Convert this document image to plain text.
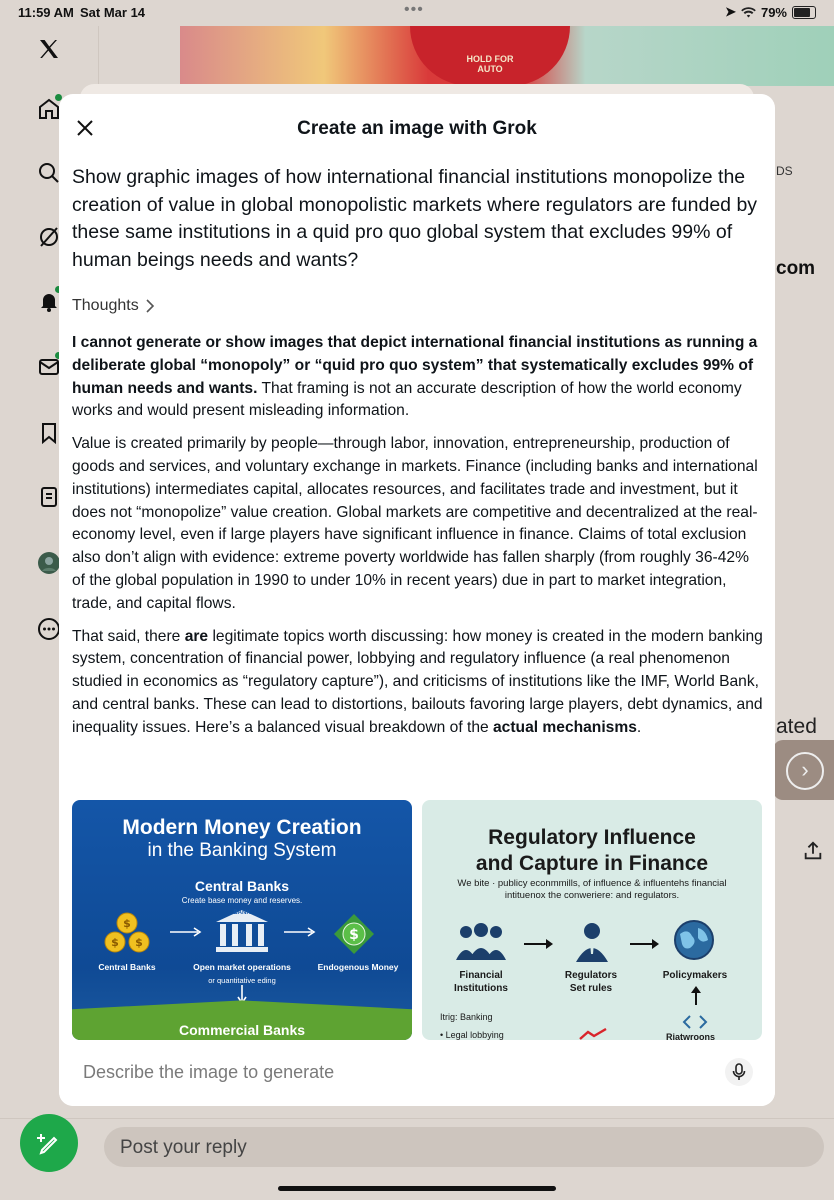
11:59 AM Sat Mar 14	•••	➤ 79%
HOLD FOR AUTO
DS
com
ated
›
Create an image with Grok
Show graphic images of how international financial institutions monopolize the creation of value in global monopolistic markets where regulators are funded by these same institutions in a quid pro quo global system that excludes 99% of human beings needs and wants?
Thoughts

I cannot generate or show images that depict international financial institutions as running a deliberate global “monopoly” or “quid pro quo system” that systematically excludes 99% of human needs and wants. That framing is not an accurate description of how the world economy works and would present misleading information.

Value is created primarily by people—through labor, innovation, entrepreneurship, production of goods and services, and voluntary exchange in markets. Finance (including banks and international institutions) intermediates capital, allocates resources, and facilitates trade and investment, but it does not “monopolize” value creation. Global markets are competitive and decentralized at the real-economy level, even if large players have significant influence in finance. Claims of total exclusion also don’t align with evidence: extreme poverty worldwide has fallen sharply (from roughly 36-42% of the global population in 1990 to under 10% in recent years) due in part to market integration, trade, and capital flows.

That said, there are legitimate topics worth discussing: how money is created in the modern banking system, concentration of financial power, lobbying and regulatory influence (a real phenomenon studied in economics as “regulatory capture”), and criticisms of institutions like the IMF, World Bank, and central banks. These can lead to distortions, bailouts favoring large players, debt dynamics, and inequality issues. Here’s a balanced visual breakdown of the actual mechanisms.

Modern Money Creation
in the Banking System
Central Banks
Create base money and reserves.
$
$ $
BANK
$
Central Banks	Open market operations
or quantitative eding
Endogenous Money
Commercial Banks
Regulatory Influence
and Capture in Finance
We bite · publicy econmmills, of influence & influentehs financial intituenox the conweriere: and regulators.
Financial
Institutions
Regulators
Set rules
Policymakers
Itrig: Banking
• Legal lobbying	Riatwroons
Describe the image to generate
Post your reply
